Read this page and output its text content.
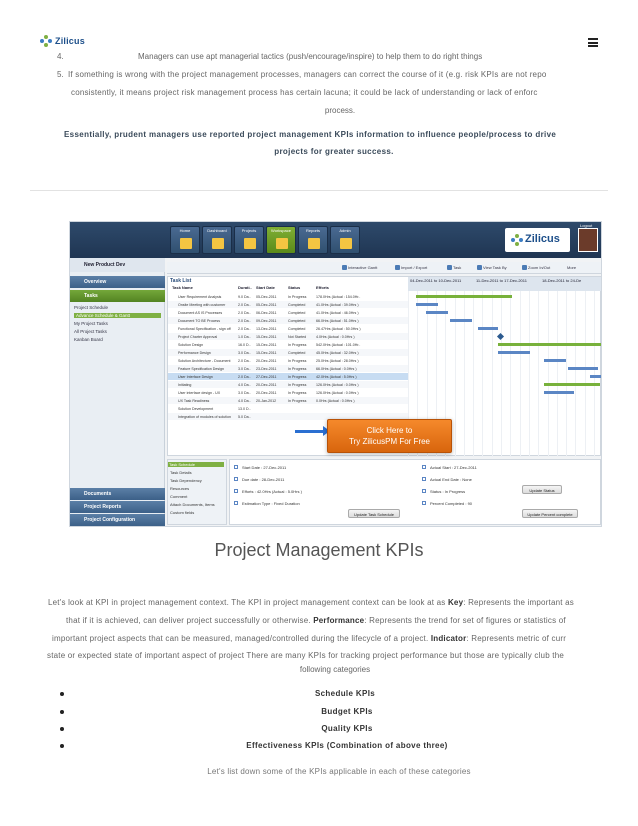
Zilicus
4.	Managers can use apt managerial tactics (push/encourage/inspire) to help them to do right things
5. If something is wrong with the project management processes, managers can correct the course of it (e.g. risk KPIs are not repo
consistently, it means project risk management process has certain lacuna; it could be lack of understanding or lack of enforc
process.
Essentially, prudent managers use reported project management KPIs information to influence people/process to drive
projects for greater success.
Home	Dashboard	Projects	Workspace	Reports	Admin
Zilicus
Logout
New Product Dev
Overview
Tasks
Project Schedule
Advance Schedule & Gantt
My Project Tasks
All Project Tasks
Kanban Board
Documents
Project Reports
Project Configuration
Interactive Gantt	Import / Export	Task	View Task By	Zoom In/Out	More
Task List
Task Name	Durati.. Start Date	Status	Efforts
04-Dec-2011 to 10-Dec-2011	11-Dec-2011 to 17-Dec-2011	18-Dec-2011 to 24-De
User Requirement Analysis	9.0 Da..	05-Dec-2011	In Progress	178.0Hrs (Actual : 154.0Hr..
Onsite Meeting with customer	2.0 Da..	05-Dec-2011	Completed	41.0Hrs (Actual : 39.0Hrs )
Document AS IS Processes	2.0 Da..	06-Dec-2011	Completed	41.0Hrs (Actual : 46.0Hrs )
Document TO BE Process	2.0 Da..	09-Dec-2011	Completed	66.0Hrs (Actual : 51.0Hrs )
Functional Specification - sign off	2.0 Da..	13-Dec-2011	Completed	26.47Hrs (Actual : 50.0Hrs )
Project Charter Approval	1.0 Da..	15-Dec-2011	Not Started	4.0Hrs (Actual : 0.0Hrs )
Solution Design	16.0 D..	15-Dec-2011	In Progress	542.0Hrs (Actual : 101.0Hr..
Performance Design	3.0 Da..	15-Dec-2011	Completed	45.0Hrs (Actual : 32.0Hrs )
Solution Architecture - Document	2.0 Da..	20-Dec-2011	In Progress	25.0Hrs (Actual : 28.0Hrs )
Feature Specification Design	3.0 Da..	23-Dec-2011	In Progress	66.0Hrs (Actual : 0.0Hrs )
User Interface Design	2.0 Da..	27-Dec-2011	In Progress	42.0Hrs (Actual : 5.0Hrs )
Initiating	4.0 Da..	20-Dec-2011	In Progress	126.0Hrs (Actual : 0.0Hrs )
User interface design - UX	3.0 Da..	20-Dec-2011	In Progress	126.0Hrs (Actual : 0.0Hrs )
UX Task Readiness	4.0 Da..	20-Jan-2012	In Progress	0.0Hrs (Actual : 0.0Hrs )
Solution Development	13.0 D..
Integration of modules of solution	5.0 Da..
Click Here to
Try ZilicusPM For Free
Task Schedule
Task Details
Task Dependency
Resources
Comment
Attach Documents, Items
Custom fields
Start Date : 27-Dec-2011
Due date : 28-Dec-2011
Efforts : 42.0Hrs (Actual : 5.0Hrs )
Estimation Type : Fixed Duration
Update Task Schedule
Actual Start : 27-Dec-2011
Actual End Date : None
Status : In Progress
Percent Completed : 90
Update Status
Update Percent complete
Project Management KPIs
Let's look at KPI in project management context. The KPI in project management context can be look at as Key: Represents the important as
that if it is achieved, can deliver project successfully or otherwise. Performance: Represents the trend for set of figures or statistics of
important project aspects that can be measured, managed/controlled during the lifecycle of a project. Indicator: Represents metric of curr
state or expected state of important aspect of project There are many KPIs for tracking project performance but those are typically club the
following categories
Schedule KPIs
Budget KPIs
Quality KPIs
Effectiveness KPIs (Combination of above three)
Let's list down some of the KPIs applicable in each of these categories
